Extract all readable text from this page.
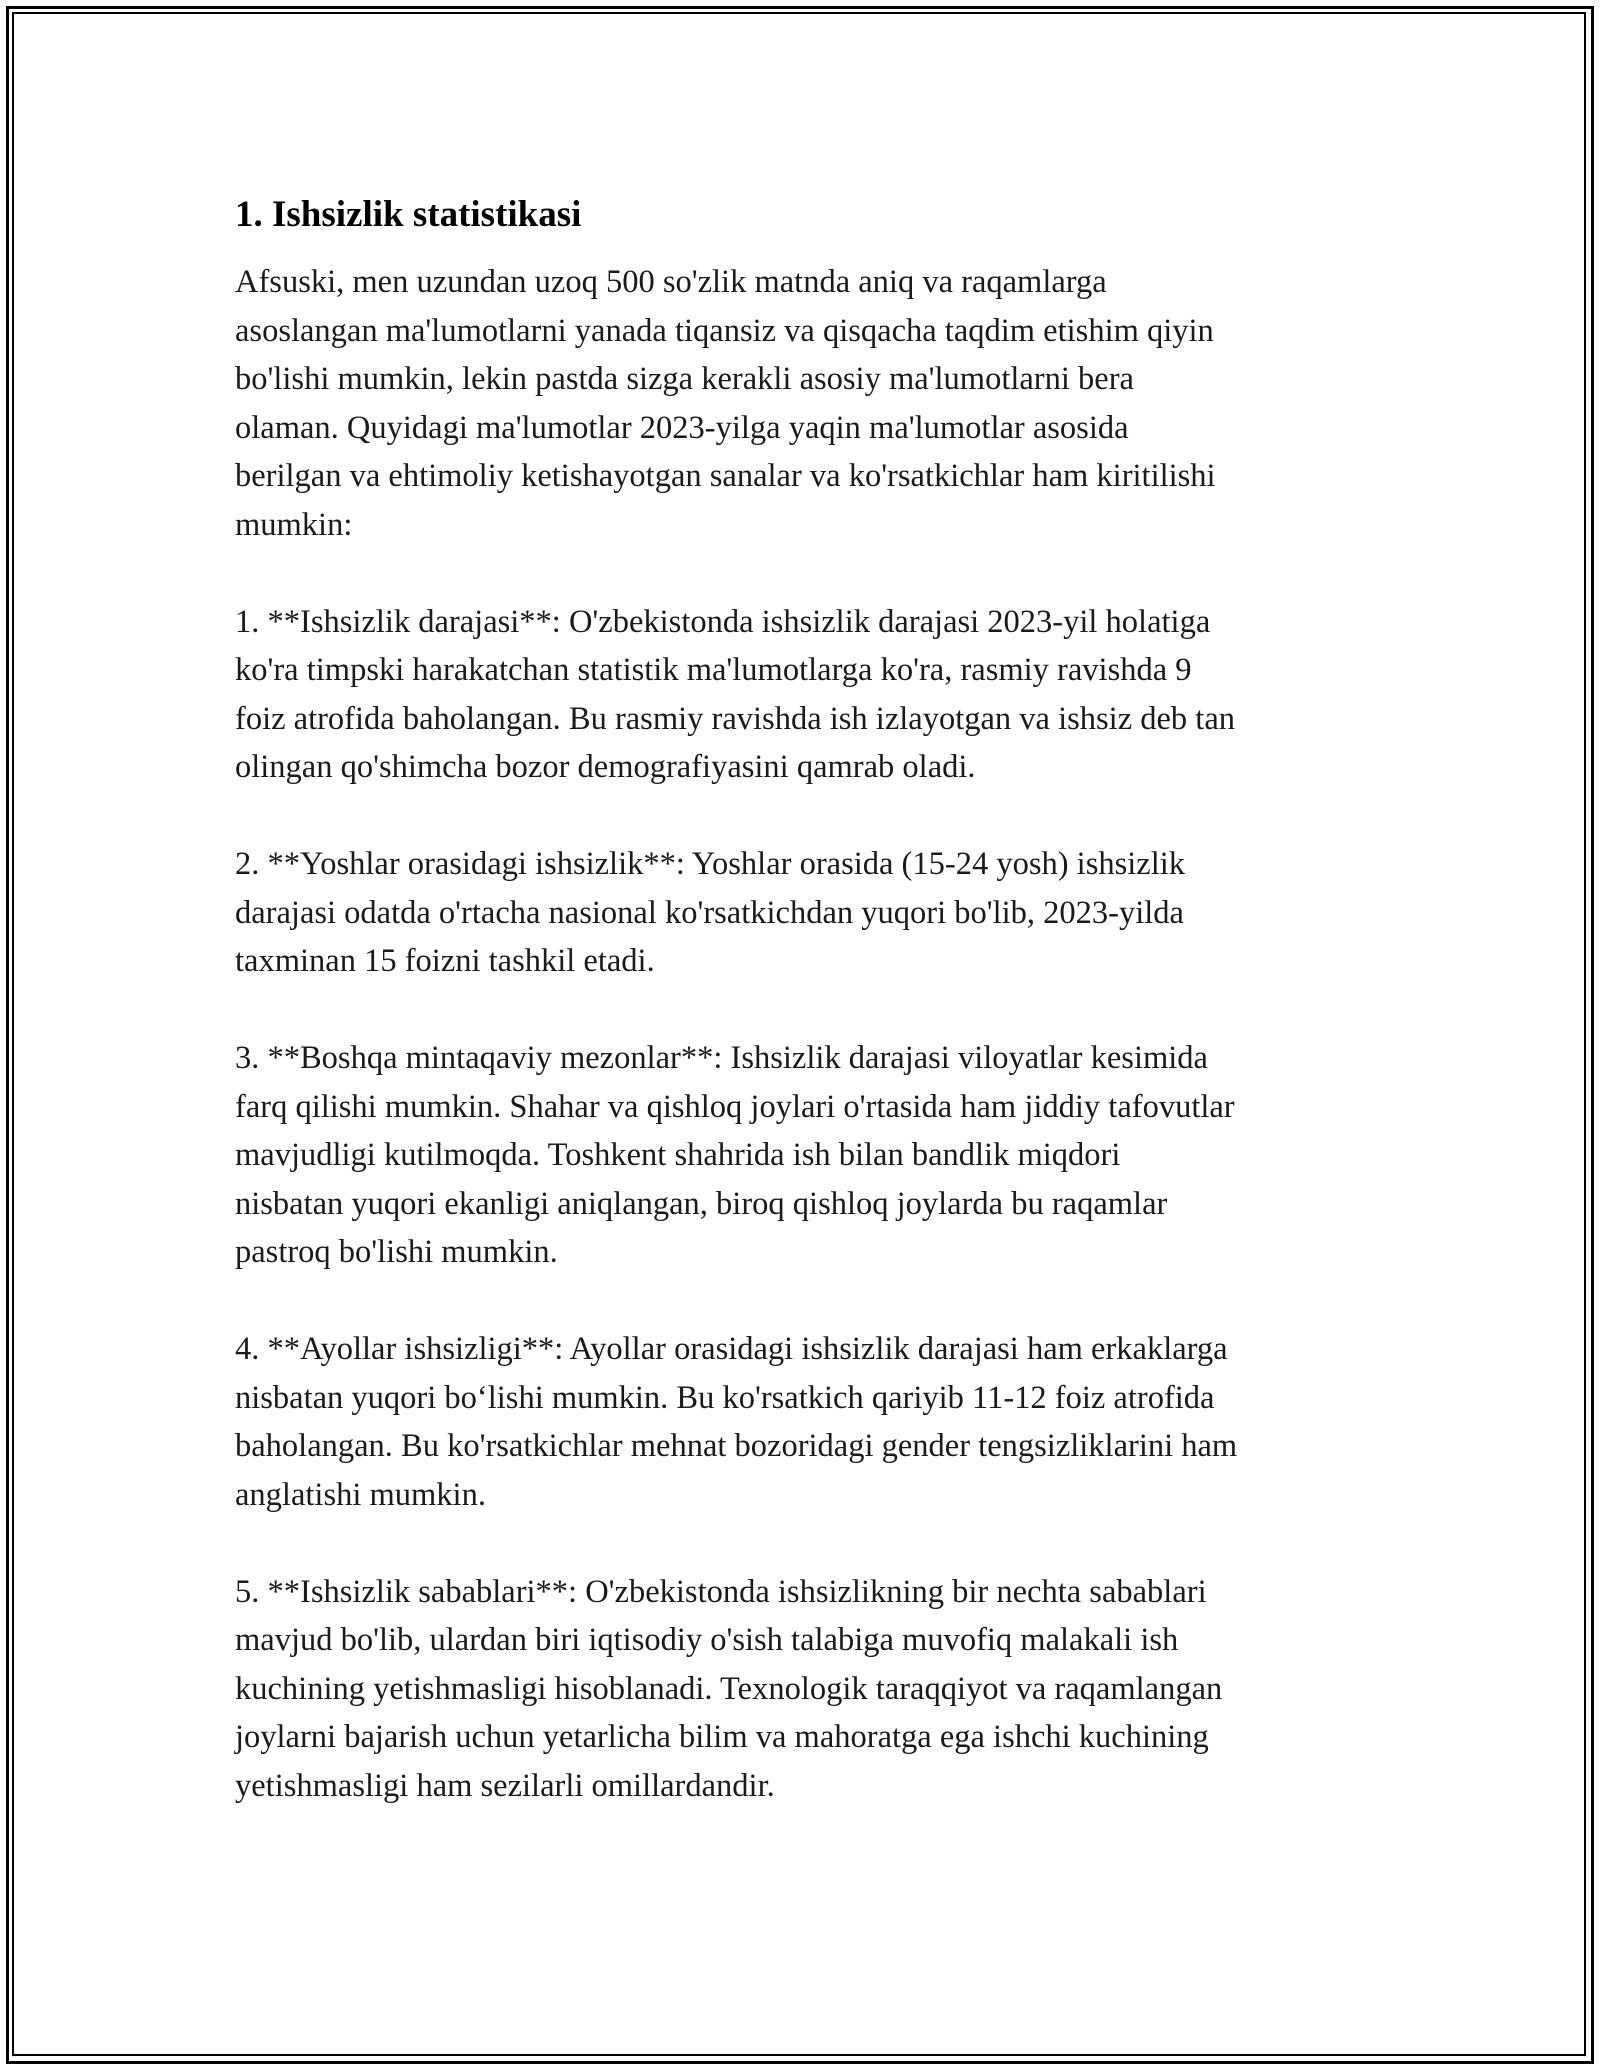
1. Ishsizlik statistikasi

Afsuski, men uzundan uzoq 500 so'zlik matnda aniq va raqamlarga
asoslangan ma'lumotlarni yanada tiqansiz va qisqacha taqdim etishim qiyin
bo'lishi mumkin, lekin pastda sizga kerakli asosiy ma'lumotlarni bera
olaman. Quyidagi ma'lumotlar 2023-yilga yaqin ma'lumotlar asosida
berilgan va ehtimoliy ketishayotgan sanalar va ko'rsatkichlar ham kiritilishi
mumkin:

1. **Ishsizlik darajasi**: O'zbekistonda ishsizlik darajasi 2023-yil holatiga
ko'ra timpski harakatchan statistik ma'lumotlarga ko'ra, rasmiy ravishda 9
foiz atrofida baholangan. Bu rasmiy ravishda ish izlayotgan va ishsiz deb tan
olingan qo'shimcha bozor demografiyasini qamrab oladi.

2. **Yoshlar orasidagi ishsizlik**: Yoshlar orasida (15-24 yosh) ishsizlik
darajasi odatda o'rtacha nasional ko'rsatkichdan yuqori bo'lib, 2023-yilda
taxminan 15 foizni tashkil etadi.

3. **Boshqa mintaqaviy mezonlar**: Ishsizlik darajasi viloyatlar kesimida
farq qilishi mumkin. Shahar va qishloq joylari o'rtasida ham jiddiy tafovutlar
mavjudligi kutilmoqda. Toshkent shahrida ish bilan bandlik miqdori
nisbatan yuqori ekanligi aniqlangan, biroq qishloq joylarda bu raqamlar
pastroq bo'lishi mumkin.

4. **Ayollar ishsizligi**: Ayollar orasidagi ishsizlik darajasi ham erkaklarga
nisbatan yuqori bo‘lishi mumkin. Bu ko'rsatkich qariyib 11-12 foiz atrofida
baholangan. Bu ko'rsatkichlar mehnat bozoridagi gender tengsizliklarini ham
anglatishi mumkin.

5. **Ishsizlik sabablari**: O'zbekistonda ishsizlikning bir nechta sabablari
mavjud bo'lib, ulardan biri iqtisodiy o'sish talabiga muvofiq malakali ish
kuchining yetishmasligi hisoblanadi. Texnologik taraqqiyot va raqamlangan
joylarni bajarish uchun yetarlicha bilim va mahoratga ega ishchi kuchining
yetishmasligi ham sezilarli omillardandir.
